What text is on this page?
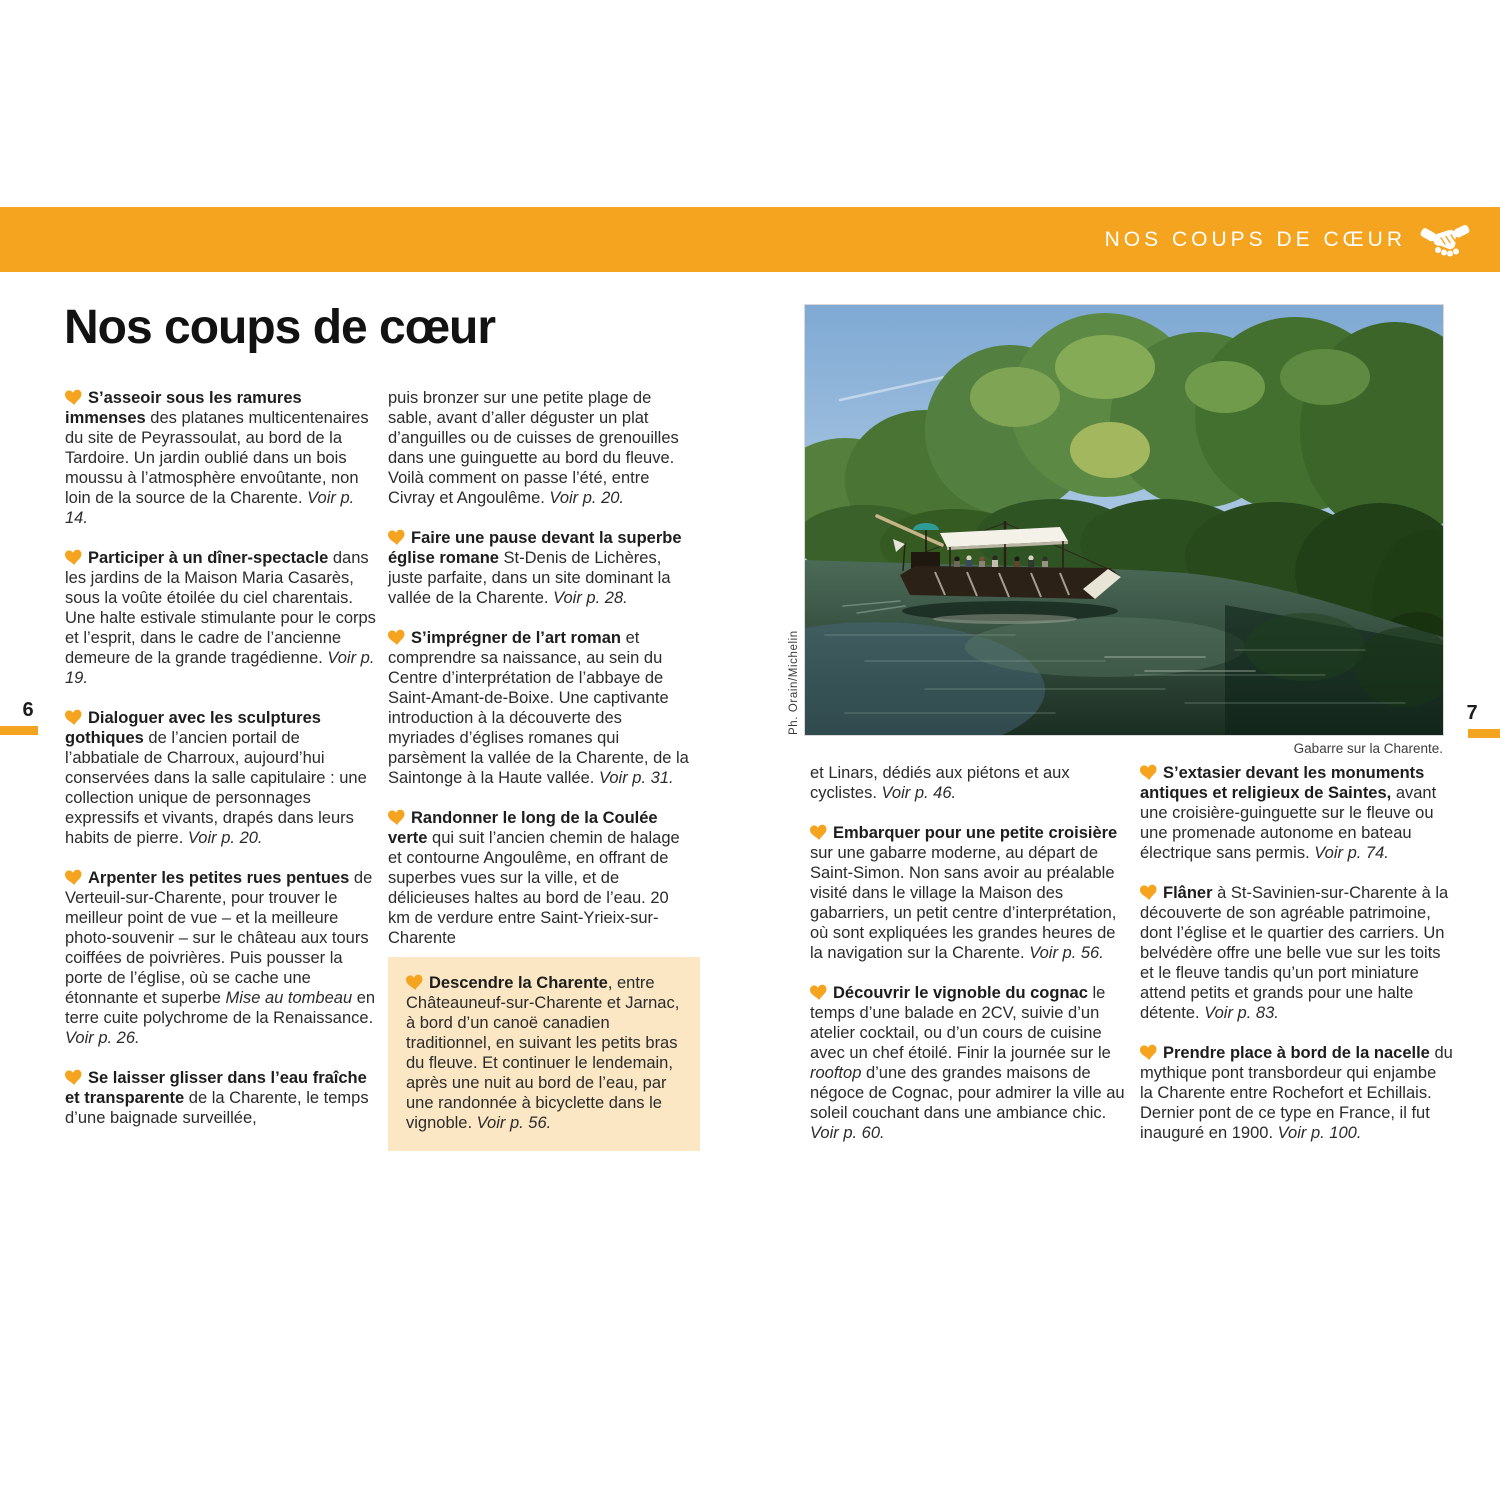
NOS COUPS DE CŒUR
Nos coups de cœur
6	7

S’asseoir sous les ramures immenses des platanes multicentenaires du site de Peyrassoulat, au bord de la Tardoire. Un jardin oublié dans un bois moussu à l’atmosphère envoûtante, non loin de la source de la Charente. Voir p. 14.

Participer à un dîner-spectacle dans les jardins de la Maison Maria Casarès, sous la voûte étoilée du ciel charentais. Une halte estivale stimulante pour le corps et l’esprit, dans le cadre de l’ancienne demeure de la grande tragédienne. Voir p. 19.

Dialoguer avec les sculptures gothiques de l’ancien portail de l’abbatiale de Charroux, aujourd’hui conservées dans la salle capitulaire : une collection unique de personnages expressifs et vivants, drapés dans leurs habits de pierre. Voir p. 20.

Arpenter les petites rues pentues de Verteuil-sur-Charente, pour trouver le meilleur point de vue – et la meilleure photo-souvenir – sur le château aux tours coiffées de poivrières. Puis pousser la porte de l’église, où se cache une étonnante et superbe Mise au tombeau en terre cuite polychrome de la Renaissance. Voir p. 26.

Se laisser glisser dans l’eau fraîche et transparente de la Charente, le temps d’une baignade surveillée,

puis bronzer sur une petite plage de sable, avant d’aller déguster un plat d’anguilles ou de cuisses de grenouilles dans une guinguette au bord du fleuve. Voilà comment on passe l’été, entre Civray et Angoulême. Voir p. 20.

Faire une pause devant la superbe église romane St-Denis de Lichères, juste parfaite, dans un site dominant la vallée de la Charente. Voir p. 28.

S’imprégner de l’art roman et comprendre sa naissance, au sein du Centre d’interprétation de l’abbaye de Saint-Amant-de-Boixe. Une captivante introduction à la découverte des myriades d’églises romanes qui parsèment la vallée de la Charente, de la Saintonge à la Haute vallée. Voir p. 31.

Randonner le long de la Coulée verte qui suit l’ancien chemin de halage et contourne Angoulême, en offrant de superbes vues sur la ville, et de délicieuses haltes au bord de l’eau. 20 km de verdure entre Saint-Yrieix-sur-Charente

Descendre la Charente, entre Châteauneuf-sur-Charente et Jarnac, à bord d’un canoë canadien traditionnel, en suivant les petits bras du fleuve. Et continuer le lendemain, après une nuit au bord de l’eau, par une randonnée à bicyclette dans le vignoble. Voir p. 56.

Ph. Orain/Michelin
Gabarre sur la Charente.

et Linars, dédiés aux piétons et aux cyclistes. Voir p. 46.

Embarquer pour une petite croisière sur une gabarre moderne, au départ de Saint-Simon. Non sans avoir au préalable visité dans le village la Maison des gabarriers, un petit centre d’interprétation, où sont expliquées les grandes heures de la navigation sur la Charente. Voir p. 56.

Découvrir le vignoble du cognac le temps d’une balade en 2CV, suivie d’un atelier cocktail, ou d’un cours de cuisine avec un chef étoilé. Finir la journée sur le rooftop d’une des grandes maisons de négoce de Cognac, pour admirer la ville au soleil couchant dans une ambiance chic. Voir p. 60.

S’extasier devant les monuments antiques et religieux de Saintes, avant une croisière-guinguette sur le fleuve ou une promenade autonome en bateau électrique sans permis. Voir p. 74.

Flâner à St-Savinien-sur-Charente à la découverte de son agréable patrimoine, dont l’église et le quartier des carriers. Un belvédère offre une belle vue sur les toits et le fleuve tandis qu’un port miniature attend petits et grands pour une halte détente. Voir p. 83.

Prendre place à bord de la nacelle du mythique pont transbordeur qui enjambe la Charente entre Rochefort et Echillais. Dernier pont de ce type en France, il fut inauguré en 1900. Voir p. 100.
